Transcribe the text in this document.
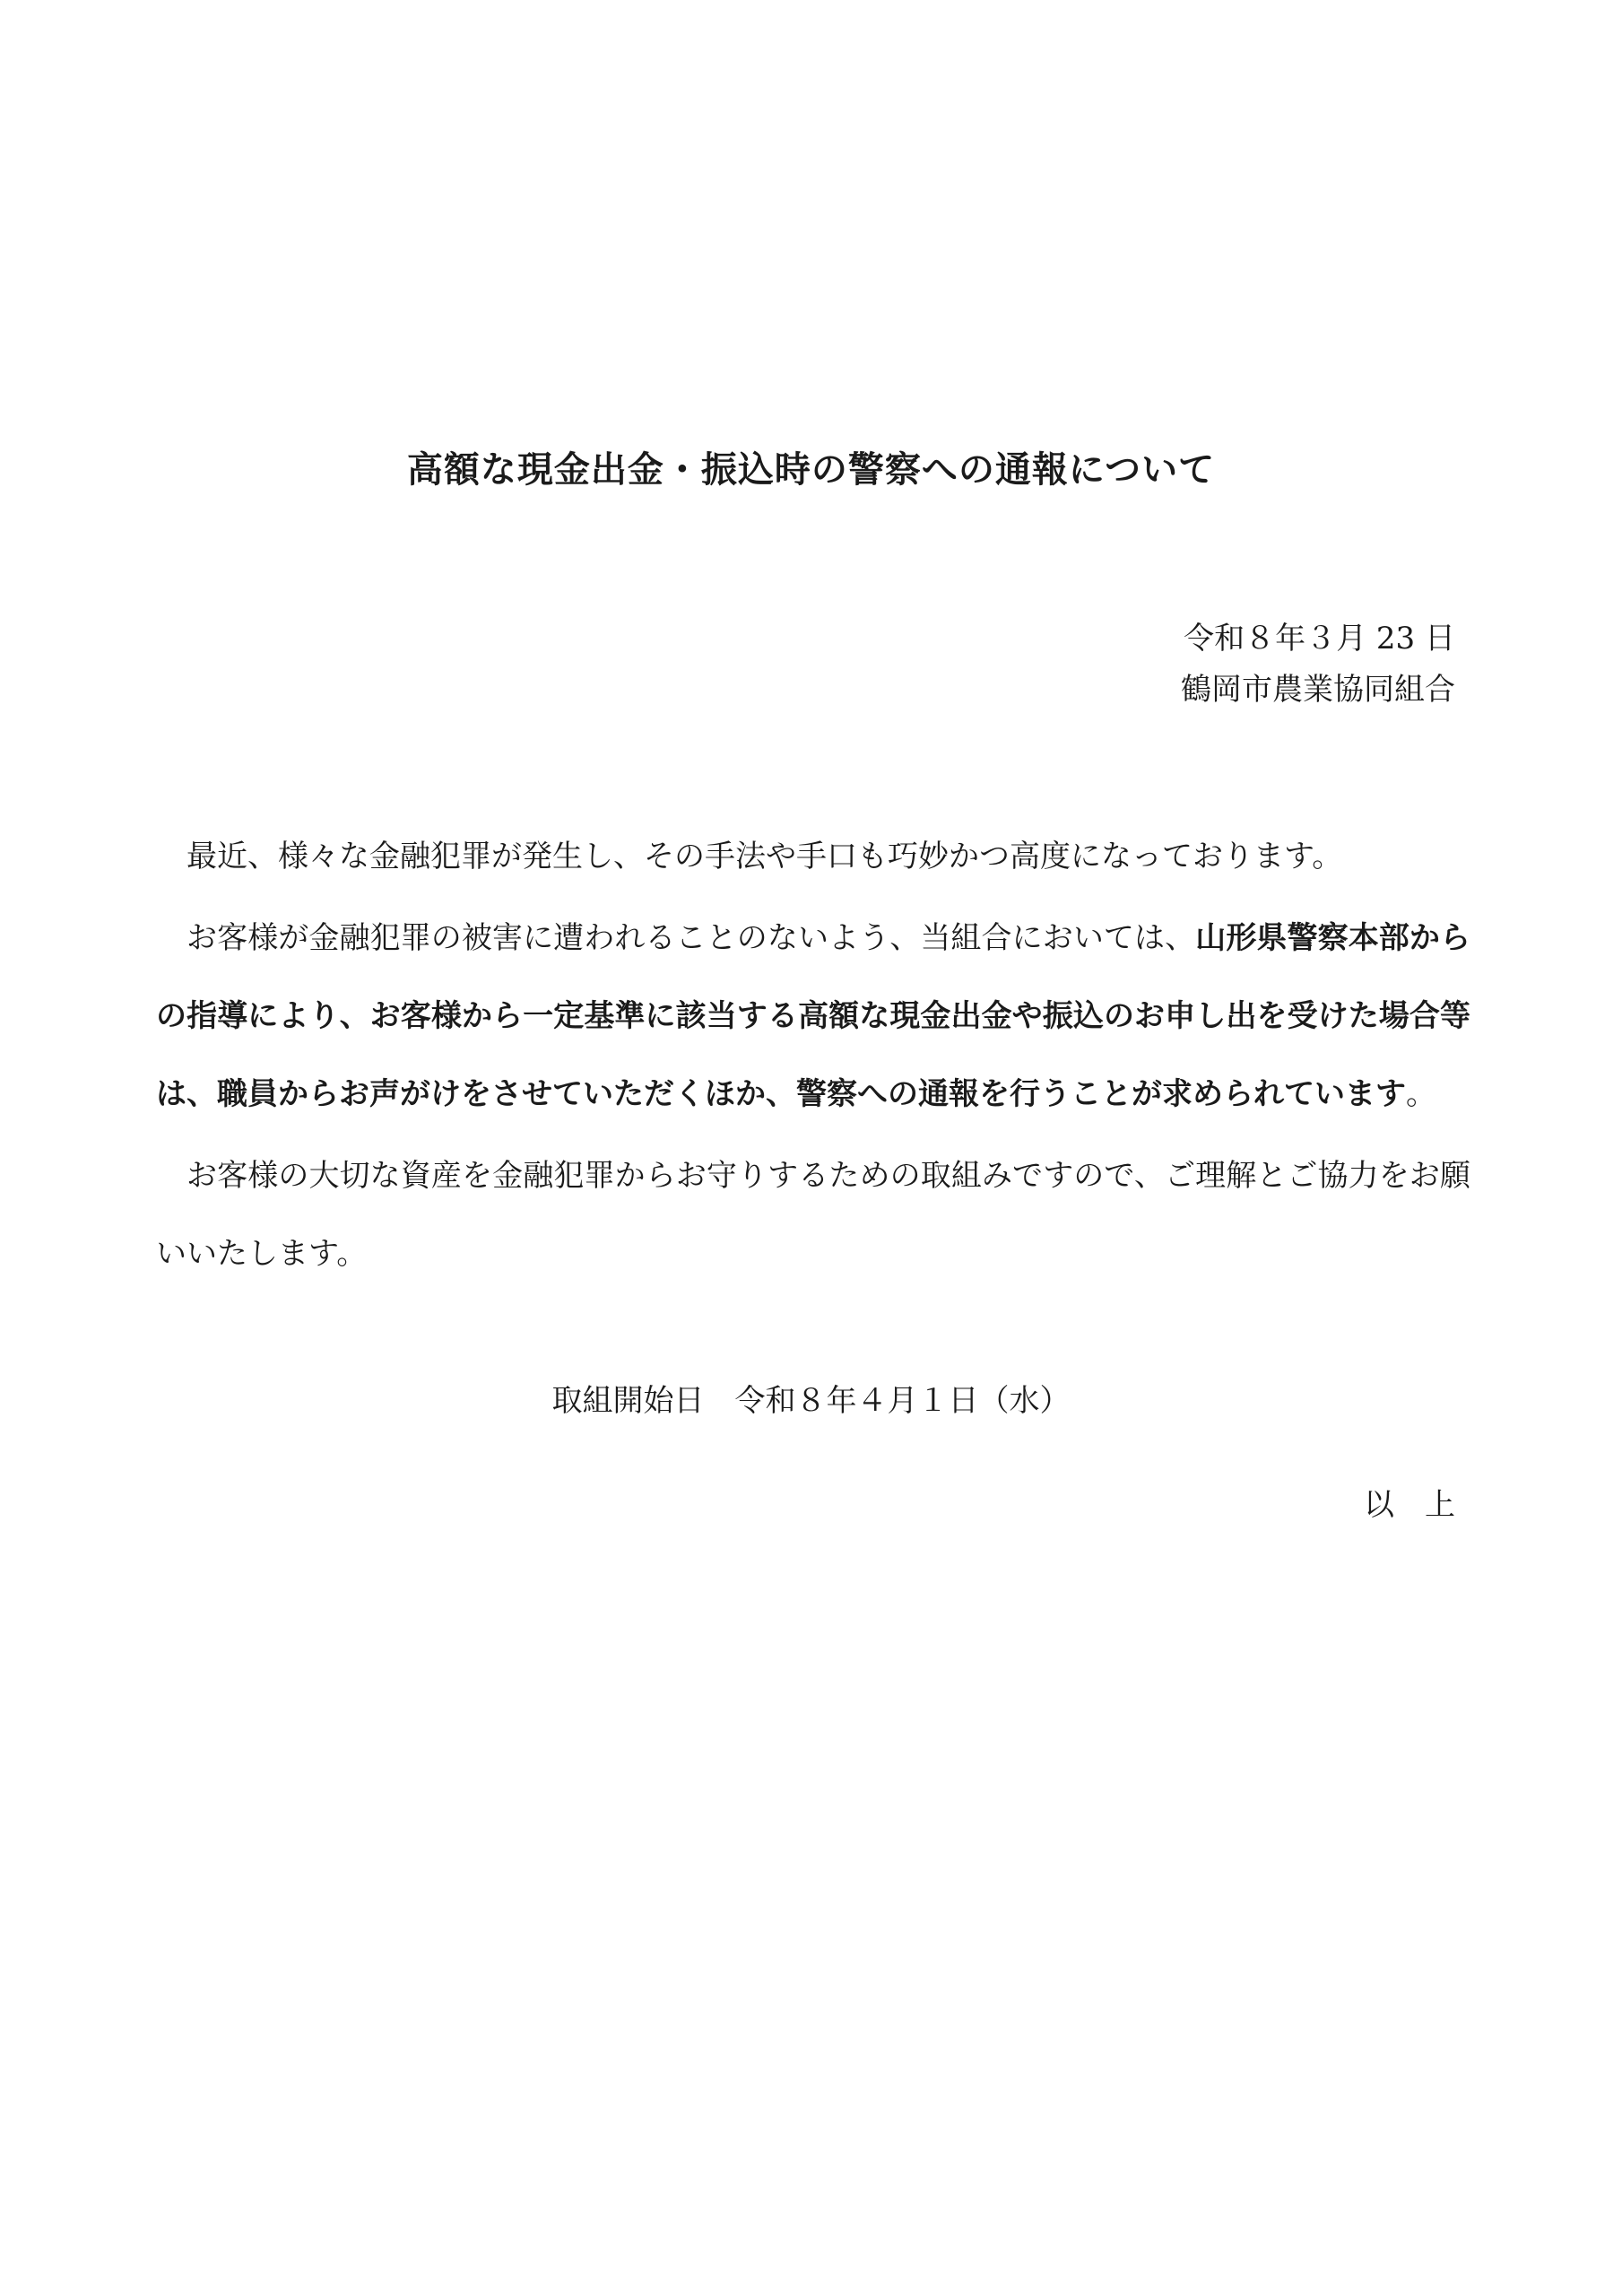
高額な現金出金・振込時の警察への通報について
令和８年３月 23 日
鶴岡市農業協同組合

最近、様々な金融犯罪が発生し、その手法や手口も巧妙かつ高度になっております。

お客様が金融犯罪の被害に遭われることのないよう、当組合においては、山形県警察本部からの指導により、お客様から一定基準に該当する高額な現金出金や振込のお申し出を受けた場合等は、職員からお声がけをさせていただくほか、警察への通報を行うことが求められています。

お客様の大切な資産を金融犯罪からお守りするための取組みですので、ご理解とご協力をお願いいたします。

取組開始日　令和８年４月１日（水）
以　上
